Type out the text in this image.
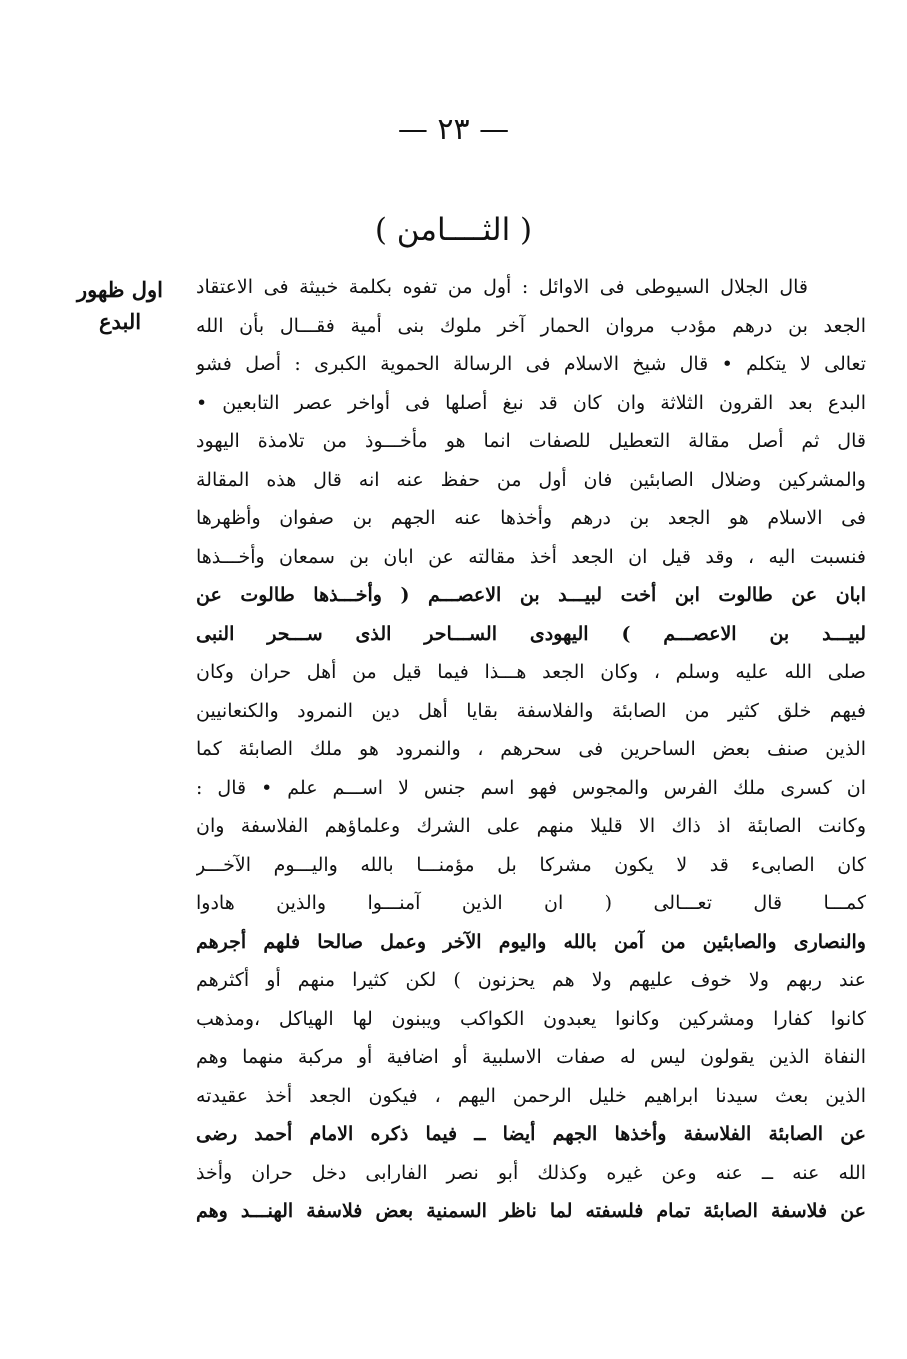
— ٢٣ —
( الثــــامن )
اول ظهور
البدع
قال الجلال السيوطى فى الاوائل : أول من تفوه بكلمة خبيثة فى الاعتقاد
الجعد بن درهم مؤدب مروان الحمار آخر ملوك بنى أمية فقـــال بأن الله
تعالى لا يتكلم • قال شيخ الاسلام فى الرسالة الحموية الكبرى : أصل فشو
البدع بعد القرون الثلاثة وان كان قد نبغ أصلها فى أواخر عصر التابعين •
قال ثم أصل مقالة التعطيل للصفات انما هو مأخـــوذ من تلامذة اليهود
والمشركين وضلال الصابئين فان أول من حفظ عنه انه قال هذه المقالة
فى الاسلام هو الجعد بن درهم وأخذها عنه الجهم بن صفوان وأظهرها
فنسبت اليه ، وقد قيل ان الجعد أخذ مقالته عن ابان بن سمعان وأخـــذها
ابان عن طالوت ابن أخت لبيـــد بن الاعصـــم ( وأخـــذها طالوت عن
لبيـــد بن الاعصـــم ) اليهودى الســـاحر الذى ســـحر النبى
صلى الله عليه وسلم ، وكان الجعد هـــذا فيما قيل من أهل حران وكان
فيهم خلق كثير من الصابئة والفلاسفة بقايا أهل دين النمرود والكنعانيين
الذين صنف بعض الساحرين فى سحرهم ، والنمرود هو ملك الصابئة كما
ان كسرى ملك الفرس والمجوس فهو اسم جنس لا اســـم علم • قال :
وكانت الصابئة اذ ذاك الا قليلا منهم على الشرك وعلماؤهم الفلاسفة وان
كان الصابىء قد لا يكون مشركا بل مؤمنـــا بالله واليـــوم الآخـــر
كمـــا قال تعـــالى ( ان الذين آمنـــوا والذين هادوا
والنصارى والصابئين من آمن بالله واليوم الآخر وعمل صالحا فلهم أجرهم
عند ربهم ولا خوف عليهم ولا هم يحزنون ) لكن كثيرا منهم أو أكثرهم
كانوا كفارا ومشركين وكانوا يعبدون الكواكب ويبنون لها الهياكل ،ومذهب
النفاة الذين يقولون ليس له صفات الاسلبية أو اضافية أو مركبة منهما وهم
الذين بعث سيدنا ابراهيم خليل الرحمن اليهم ، فيكون الجعد أخذ عقيدته
عن الصابئة الفلاسفة وأخذها الجهم أيضا ــ فيما ذكره الامام أحمد رضى
الله عنه ــ عنه وعن غيره وكذلك أبو نصر الفارابى دخل حران وأخذ
عن فلاسفة الصابئة تمام فلسفته لما ناظر السمنية بعض فلاسفة الهنـــد وهم
